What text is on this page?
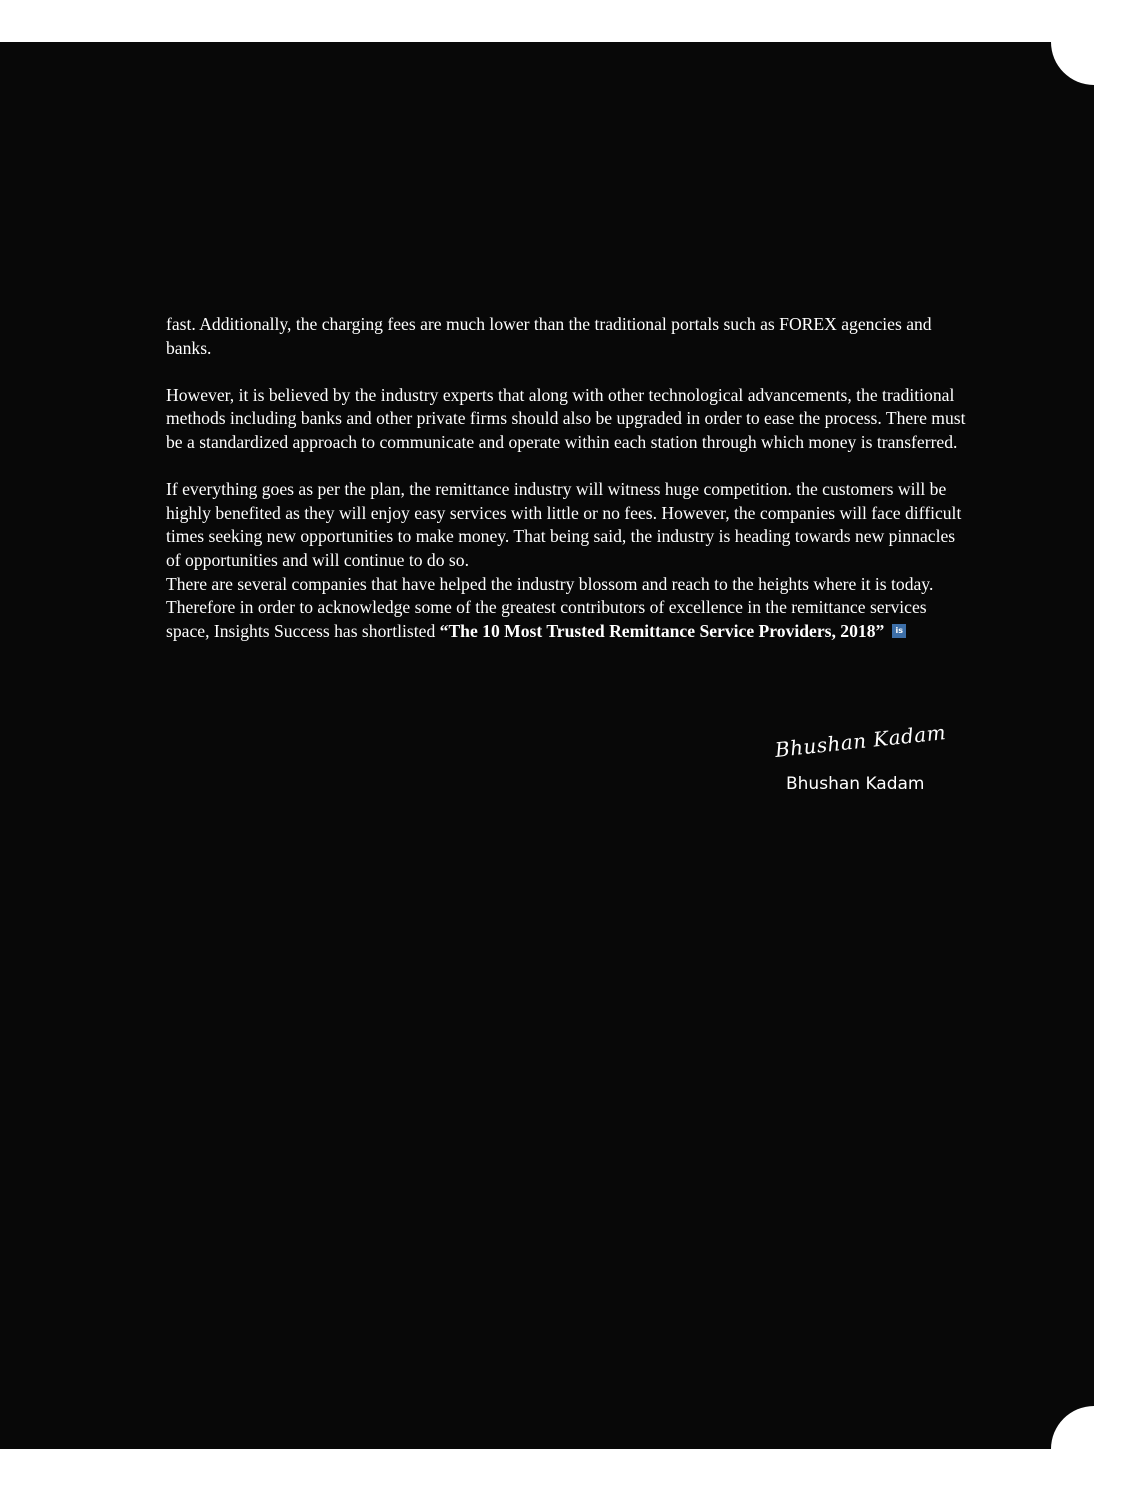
fast. Additionally, the charging fees are much lower than the traditional portals such as FOREX agencies and banks.

However, it is believed by the industry experts that along with other technological advancements, the traditional methods including banks and other private firms should also be upgraded in order to ease the process. There must be a standardized approach to communicate and operate within each station through which money is transferred.

If everything goes as per the plan, the remittance industry will witness huge competition. the customers will be highly benefited as they will enjoy easy services with little or no fees. However, the companies will face difficult times seeking new opportunities to make money. That being said, the industry is heading towards new pinnacles of opportunities and will continue to do so.

There are several companies that have helped the industry blossom and reach to the heights where it is today. Therefore in order to acknowledge some of the greatest contributors of excellence in the remittance services space, Insights Success has shortlisted “The 10 Most Trusted Remittance Service Providers, 2018”	is

Bhushan Kadam
Bhushan Kadam
